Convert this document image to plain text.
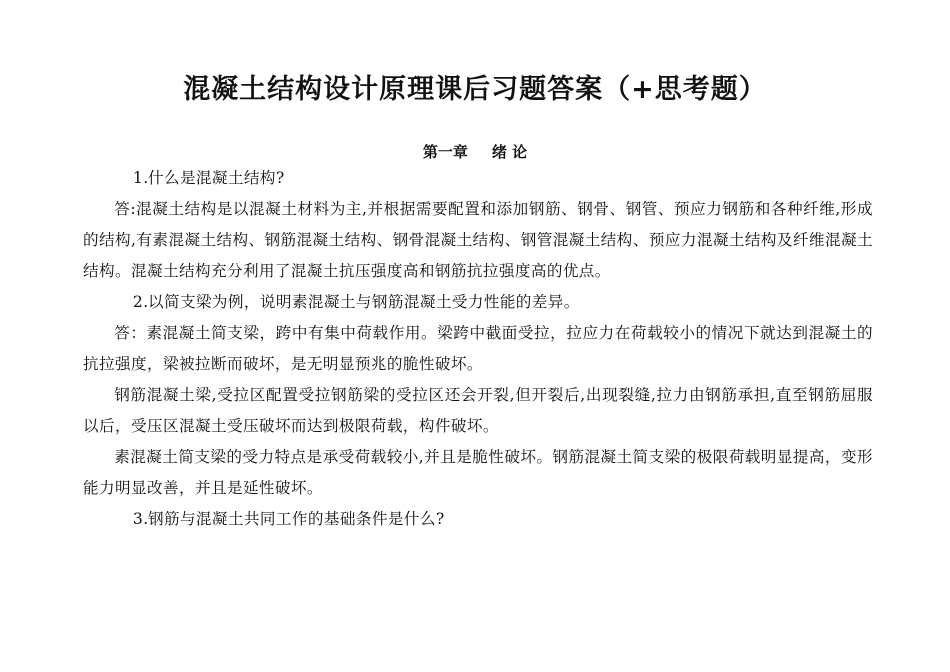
混凝土结构设计原理课后习题答案（+思考题）
第一章 绪 论

1.什么是混凝土结构?

答:混凝土结构是以混凝土材料为主,并根据需要配置和添加钢筋、钢骨、钢管、预应力钢筋和各种纤维,形成的结构,有素混凝土结构、钢筋混凝土结构、钢骨混凝土结构、钢管混凝土结构、预应力混凝土结构及纤维混凝土结构。混凝土结构充分利用了混凝土抗压强度高和钢筋抗拉强度高的优点。

2.以简支梁为例，说明素混凝土与钢筋混凝土受力性能的差异。

答：素混凝土简支梁，跨中有集中荷载作用。梁跨中截面受拉，拉应力在荷载较小的情况下就达到混凝土的抗拉强度，梁被拉断而破坏，是无明显预兆的脆性破坏。

钢筋混凝土梁,受拉区配置受拉钢筋梁的受拉区还会开裂,但开裂后,出现裂缝,拉力由钢筋承担,直至钢筋屈服以后，受压区混凝土受压破坏而达到极限荷载，构件破坏。

素混凝土简支梁的受力特点是承受荷载较小,并且是脆性破坏。钢筋混凝土简支梁的极限荷载明显提高，变形能力明显改善，并且是延性破坏。

3.钢筋与混凝土共同工作的基础条件是什么?
